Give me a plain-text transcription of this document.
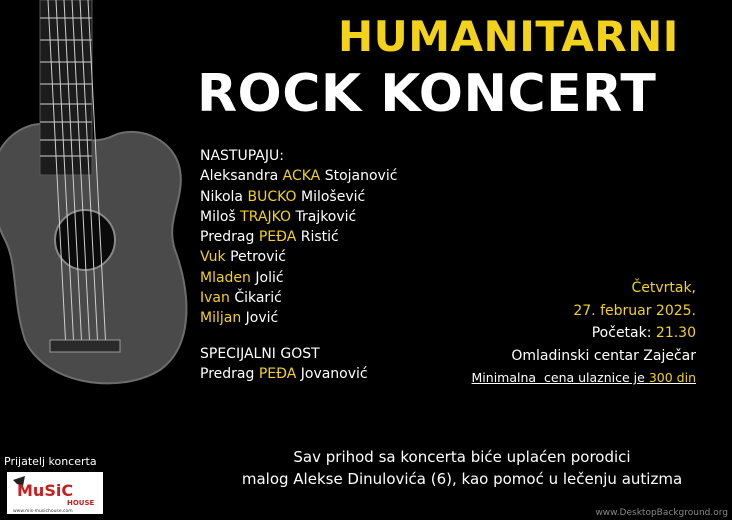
HUMANITARNI
ROCK KONCERT
NASTUPAJU:
Aleksandra ACKA Stojanović
Nikola BUCKO Milošević
Miloš TRAJKO Trajković
Predrag PEĐA Ristić
Vuk Petrović
Mladen Jolić
Ivan Čikarić
Miljan Jović
SPECIJALNI GOST
Predrag PEĐA Jovanović
Četvrtak,
27. februar 2025.
Početak: 21.30
Omladinski centar Zaječar
Minimalna  cena ulaznice je 300 din
Sav prihod sa koncerta biće uplaćen porodici
malog Alekse Dinulovića (6), kao pomoć u lečenju autizma
Prijatelj koncerta
MuSiC
HOUSE
www.mis-musichouse.com	www.DesktopBackground.org
